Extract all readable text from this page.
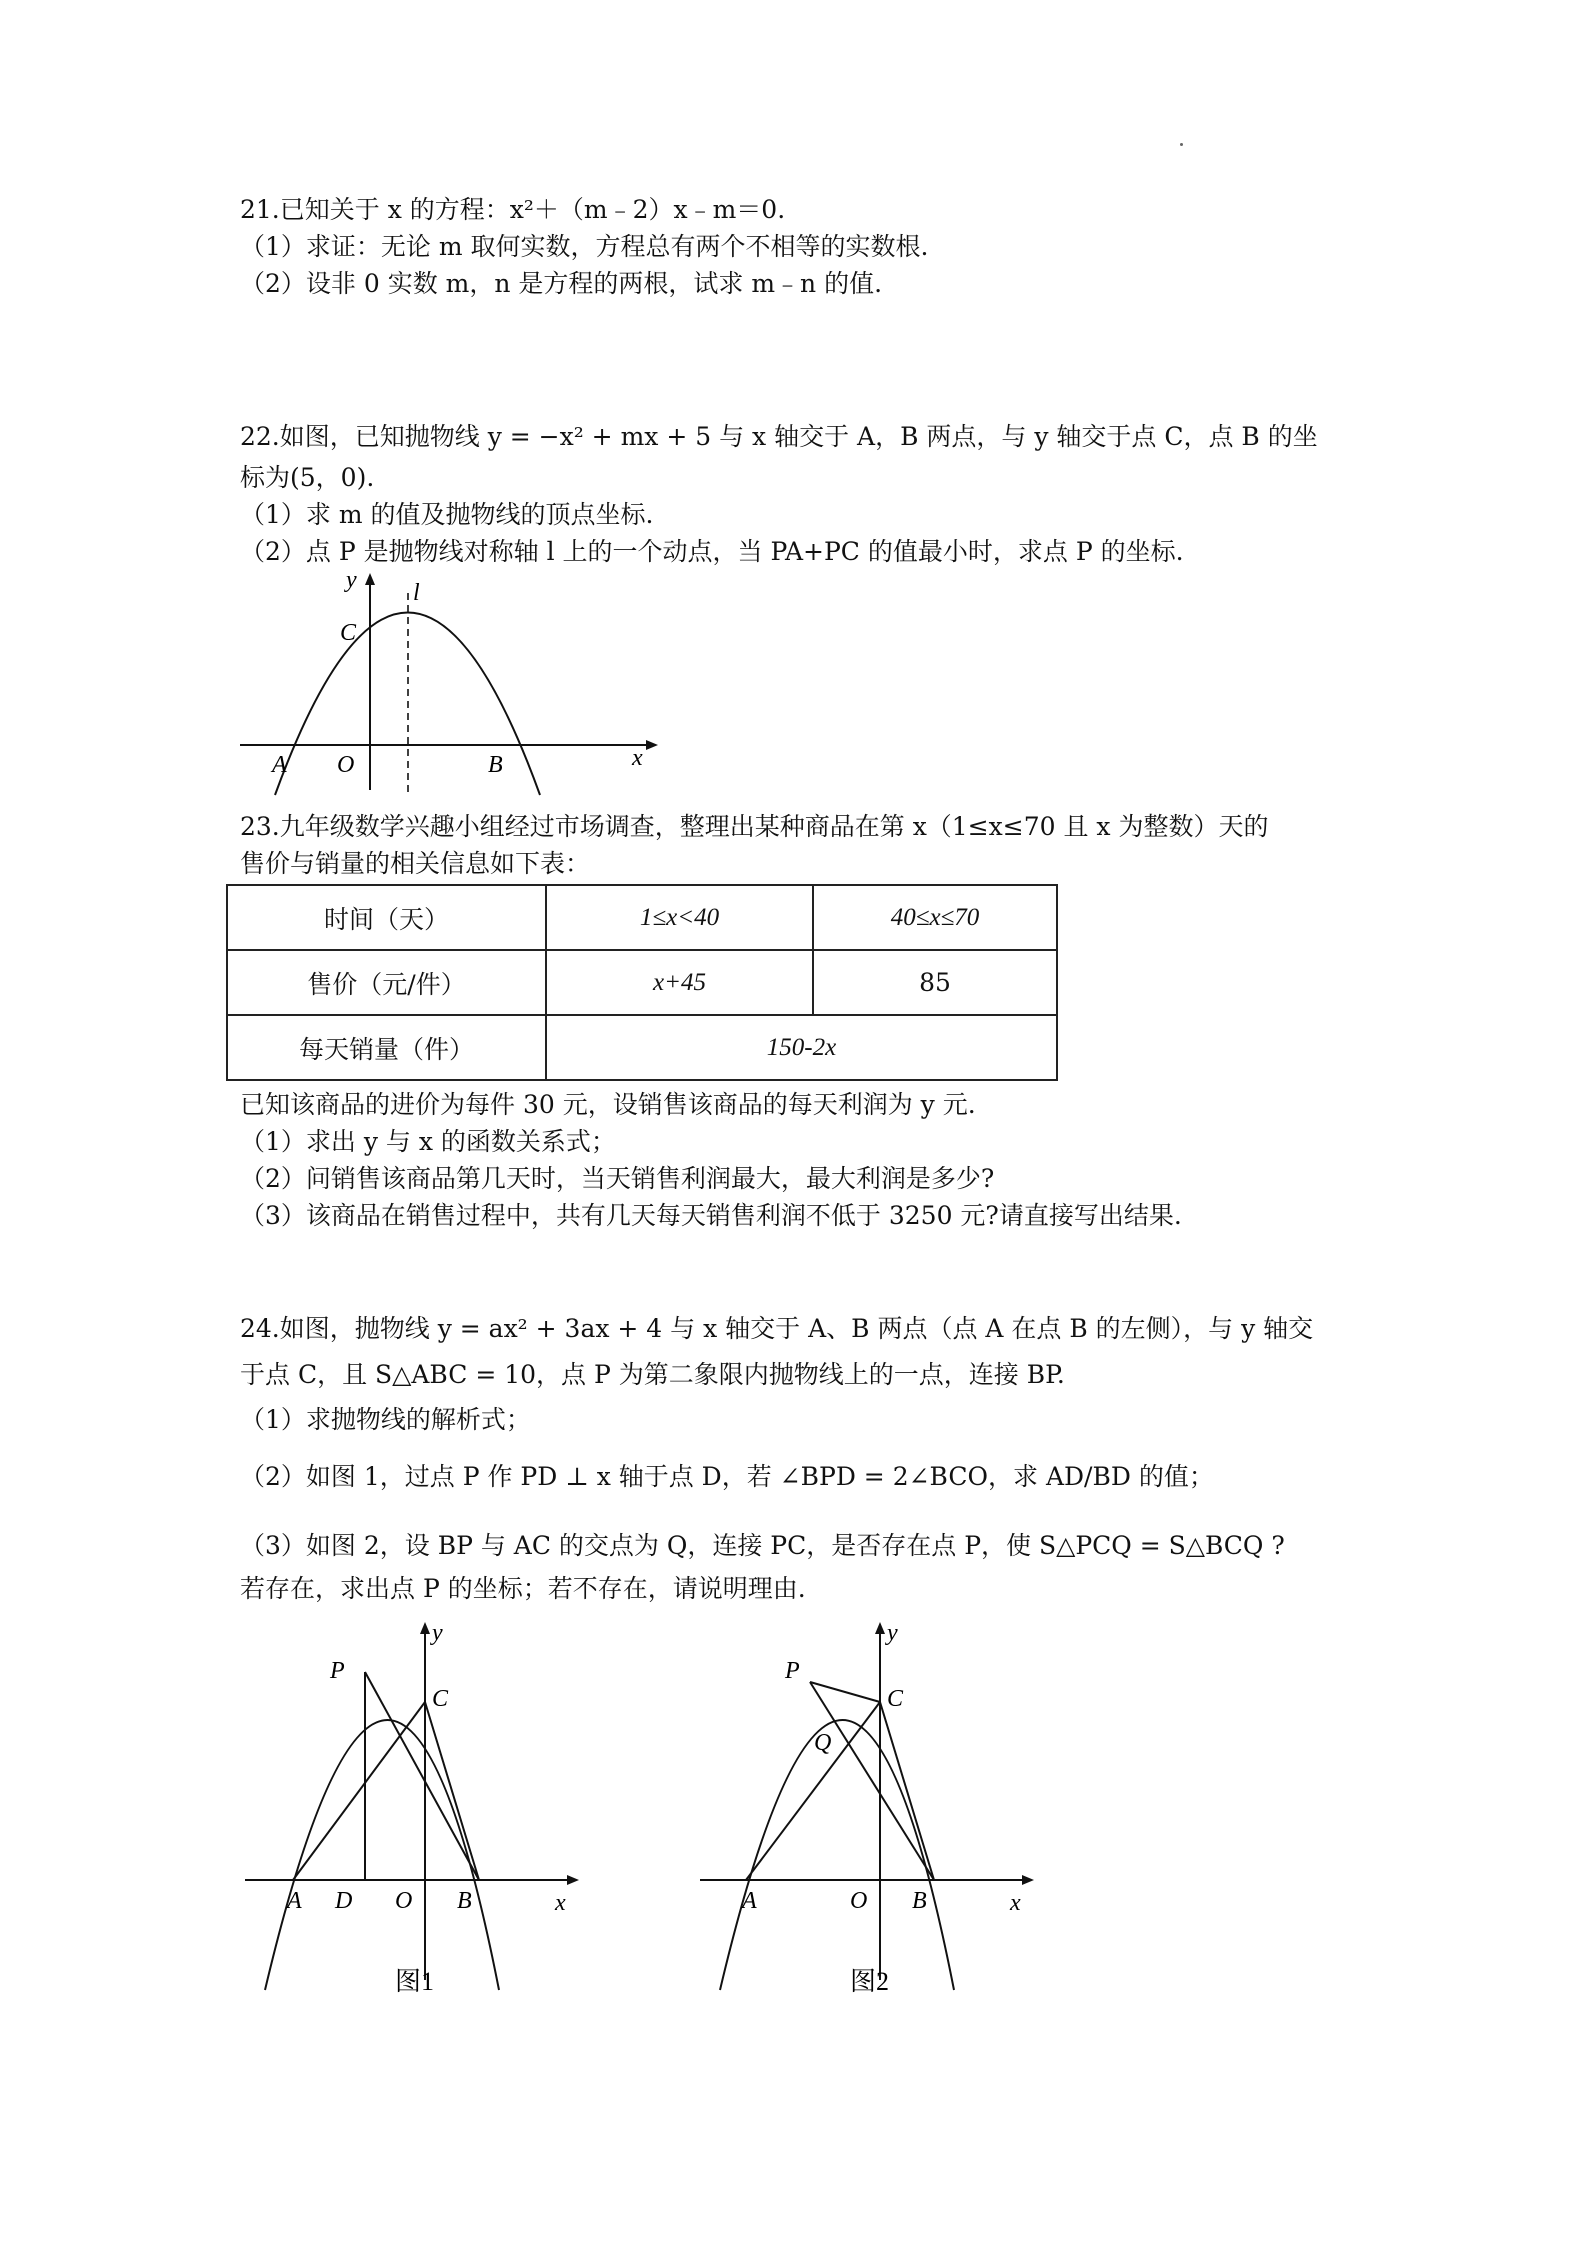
21.已知关于 x 的方程：x²＋（m﹣2）x﹣m＝0.
（1）求证：无论 m 取何实数，方程总有两个不相等的实数根.
（2）设非 0 实数 m，n 是方程的两根，试求 m﹣n 的值.
22.如图，已知抛物线 y = −x² + mx + 5 与 x 轴交于 A，B 两点，与 y 轴交于点 C，点 B 的坐
标为(5，0).
（1）求 m 的值及抛物线的顶点坐标.
（2）点 P 是抛物线对称轴 l 上的一个动点，当 PA+PC 的值最小时，求点 P 的坐标.
y l
C
A O	B	x
23.九年级数学兴趣小组经过市场调查，整理出某种商品在第 x（1≤x≤70 且 x 为整数）天的
售价与销量的相关信息如下表：
时间（天）	1≤x<40	40≤x≤70
售价（元/件）	x+45	85
每天销量（件）	150-2x	
已知该商品的进价为每件 30 元，设销售该商品的每天利润为 y 元.
（1）求出 y 与 x 的函数关系式；
（2）问销售该商品第几天时，当天销售利润最大，最大利润是多少?
（3）该商品在销售过程中，共有几天每天销售利润不低于 3250 元?请直接写出结果.
24.如图，抛物线 y = ax² + 3ax + 4 与 x 轴交于 A、B 两点（点 A 在点 B 的左侧），与 y 轴交
于点 C，且 S△ABC = 10，点 P 为第二象限内抛物线上的一点，连接 BP.
（1）求抛物线的解析式；
（2）如图 1，过点 P 作 PD ⊥ x 轴于点 D，若 ∠BPD = 2∠BCO，求 AD/BD 的值；
（3）如图 2，设 BP 与 AC 的交点为 Q，连接 PC，是否存在点 P，使 S△PCQ = S△BCQ ?
若存在，求出点 P 的坐标；若不存在，请说明理由.
y
P
C
A D O B	x
图1
y
P
C
Q
A	O B	x
图2
